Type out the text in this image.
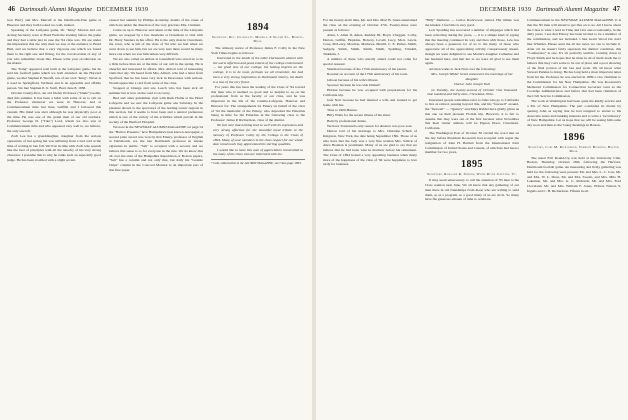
46 Dartmouth Alumni Magazine DECEMBER 1939

now Harry and Mrs. Metcalf at the Dartmouth-Yale game at Hanover and they both looked too well, indeed.

Speaking of the Lafayette game, Dr. "King" Morton and our Acting Secretary were at Bond Field the evening before the game and they had a table just in case the '94 class was. We are under the impression that the only men we saw at the entrance to Bond Hall, and we believe that a very vigorous one which we found there is the right one and fitting, for the corroboration of any of you who remember about this. Please write your recollection on the matter.

The "King" appeared well built at the Lafayette game, but he said his football game which we both attended. At the Harvard game, we met Stephen P. Sheriff, son of our own "King". Never is it used in Springfield, Vermont and is an agreeable and affable person. We met Stephen P. Jr. Swift. Born June 8, 1938.

October twenty-first, our old friend, Professor ("Dude") Goble, died this summer. It has been a habit with some of us to call on the Professor whenever we were in Hanover, and at Commencement time last June, Griffith and I followed this custom. His mind was alert although he was physically poor at the time. He was one of the grand men of our old teachers. Professor George D. ("Tute") Lord, whom we also saw at Commencement time and who appeared very well is, we believe, the only one left.

Zach Lee has a granddaughter, daughter from the serious operations of last spring but was suffering from a bad cold at the time of writing in late fall. We'll be in time with Zach who sounds like the best of principles with all the tenacity of his very strong character. I presume that is why he ranks such an especially good judge. He has been troubled with a slight accent.

caused last autumn by Phillips Academy, details of the cause of which are under the direction of the very gracious Mrs. Clement.

Come on up to Hanover and return at the time of the Lafayette game, we stopped by a few moments at Claremont to visit with Dr. Harry Sanders in his office. He is the only man in Claremont, the town, who is left of the class of '94 who we had when we went down to see him, but we are very sure there would be many more one when we saw him unless very difficult.

We are also called on Abbott at Greenfield who saved us to be a little before than are at the time of our call in the spring. He is cheerful and interested in affairs. Mrs. Abbott told of interesting visits that day. We heard from Mrs. Abbott, who had a letter from Spofford, that he has been very sick in Deaconess with serious. Would appreciate a card from some of the class.

Stopped at Orange and saw Leach who has been sick all summer but is now on the road to recovery.

Bud and other gentlemen visit with Ruth Hollis at the Hotel Lafayette and we saw the Lafayette game one Saturday. In the pleasure shown to the spectators of the leading scenic regions in this section, but it seems to have been and a natural preference which is one of the variety of the activities which prevail in the society of the Hartford Hospital.

We note in the NEWSDAY ALUMNI MAGAZINE on page 54 the "Harbor Presents," how Hampshire's best known newspaper, a second prize award was won by that Emery, professor of English at Dartmouth, not the late Dartmouth professor in smoke cigarettes in public. "Salt" is accepted with a second, and we believe this sense is so for everyone in the rule. We do know that all over the state of the Hampshire Republican or Boston papers, "Salt" has a column and not only that, but daily his "Granite Chips" column in the Concord Monitor is an important part of that fine paper.

1894
Secretary, Rev. Charles C. Merrill, 6 Second St., Bristol, Mass.

The obituary notice of Professor James F. Colby in the New York Times begins as follows:

Interested in the minds of the older Dartmouth alumni with the warm affection and good esteem of the college environment — the great sins of our college, the lasting imprint on the college, it is to be most, perhaps we all remember, but had been a very strong inspiration in Dartmouth history, his death is a loss of the very finest.

For years this has been the leading of the Class of '94 toward this man who is seemed so good and so helpful to us on the professional front as the faculty or our class, and he was important in the life of the Granite-Lafayette, Hanover and Hanover for. The arrangements for Emery on behalf of the class of '94 the memorial of the Emery, who deposited the Emeritus being in time for the Emeritus in the following class to the Professor: James P. Richardson, class of the alumni.

We feel sure that nothing that so well with its expression and very strong affection for the beautiful loyal tribute to the memory of Professor Colby by the College is the Class of 1894. Many of your members in the class respect for our whole dear mind much they appreciated his sterling qualities.

I would like to have this note of appreciation transmitted to the many of the class who are interested with me.

* Ledi, editorialists in the ALUMNI MAGAZINE, see Class page 1893.
DECEMBER 1939 Dartmouth Alumni Magazine 47

For the twenty-sixth time, Mr. and Mrs. Mort B. Jones entertained the class on the evening of October 27th. Twenty-three were present as follows:

Allen, I. Allen II, Ames, Reddett III, Boyd, Chaggett, Colby, Darton, Griffin, Hopkins, Holway, Lovell, Lucy, Mott, Lewis, Cone, McLeary, Moulton, Mathews, Merrill, C. E. Parker, Smith, Sedgely, Smith, Smith, Smith, Smith, Spalding, Trindell, Tinkham, J.

A number of these who usually attend could not come for special reasons:

Sherman because of the 175th anniversary of his parent.

Rossiter on account of the 175th anniversary of his town.

Gibson because of his wife's illness.

Spooner because he was sick himself.

Holden because he was occupied with preparations for his California trip.

Jack Noit because he had married a wife and wanted to get home with her.

Thus to 1900-Hunter.

Billy Walls for the severe illness of his sister.

Bam by professional duties.

We have Townsend's only reason for absence was poor sole.

Dutton told of his marriage to Mrs. Christine Schick of Kingston, New York, the date being September 18th. Those of us who have met the lady was a very fine woman Mrs. Schick of Alice Bosnian is prominent. Many of us are glad to say that we believe that he had been wise in married, before his retirement. The Class of 1894 hosted a very appealing business when many more of the happiness of the class of '94 were happiness to love tardy for business.

"Billy" Mathews — Carlos Rockwood, retired. His tribute was the kindest. I feel this is very good.

Lew Spalding has recovered a number of slippages which had been collecting during the years, — it is a simple kind of saying that the meeting continued its way and then with those, Lew has always been a generous lot of us to the many of those who appreciate all of the appreciating activity conspicuously absent, though we were delighted to see Mattie's daughter Catherine and her husband here, and met her as we were all glad to see them again.

All men walks to Jack Nutt over the following:

Mrs. Joseph Wilder Grant announces the marriage of her daughter

Doctor John Joseph Nutt

on Tuesday, the twenty-second of October One thousand nine hundred and thirty-nine, Cleveland, Ohio.

Interested people sometimes refer to folks who go to California to live as retired, passing beyond this, and his "farewell" around, the "farewell" — "Quincy" and Mary Riddel have gladly given us this one on their pleasant Florida trip. However, it is fair to assume that they were out of the first because what November this their winter address will be Pigeon Place, Claremont, California.

The Washington Post of October 30 carried the word that on the day before President Roosevelt had accepted with regret the resignation of John H. Bartlett from the International Joint Commission of United States and Canada, of which he had been a member for two years.

1895
Secretary, Rowland R. Jenkins, White River Junction, Vt.

It may seem unnecessary to call the attention of '95 men to the Class reunion next June. We all know that any gathering of our men there in old friendships from those who are willing to send them, so as a program, so a good many of us are all in. So many have the generous amount of time to celebrate.

Commencement in the NEWSDAY ALUMNI MAGAZINE. It is that the '95 men will attend to get that on to us. All I know about the Class is what I read in Time and Life and occasionally, in the daily press. I see that Emory has been invited to be a member of the commission, and not included. I like Grant Wood but don't like Whistler. Please send me all the news we can to include it. After all, he doesn't fairly represent the distinct condition, this "Conference" is one. It's all perfectly terrible. Coming down to Floyd Smith and he hopes that he must in all of them leads me to believe that they can't some to be out of place and a poor showing of the final portion of his last and work. We all know what Stewart Perkins is doing. He has long held a most important letter from hit me. Professor he was elected in 1899 a vice chairman to the Commission for his New Hampshire. He was Roosevelt's Memorial Commission for Connecticut Governor Lent as the Coolidge Administration and before that had been chairman of the Civil Service Commission.

The work at Washington had been quite the kindly service and a Mr. of New Hampshire. The part concluded its matter by quoting John as saying that he had resigned to attend to his Associate estate and banking interests and to write a 'local history' of New Hampshire. Let us hope that we will be seeing him some day soon and then as the 'Gang' meetings in Boston.

1896
Secretary, Carl M. Richardson, Tremont Building, Boston, Mass.

The usual Fall Round-Up was held at the University Club, Boston, Thursday, October 26th, following the Harvard-Dartmouth football game. An interesting and lively gathering was held for the following were present: Mr. and Mrs. L. C. Carr, Mr. and Mrs. W. L. Drew, Mr. and Mrs. Sweatt, and Mrs. Milo H. Lakeman, Mr. and Mrs. G. C. Richards, Mr. and Mrs. Fred Cleveland, Mr. and Mrs. William F. Jones, Eldred, Nelson S. Ingalls and C. H. Richardson. Fifteen in all.
